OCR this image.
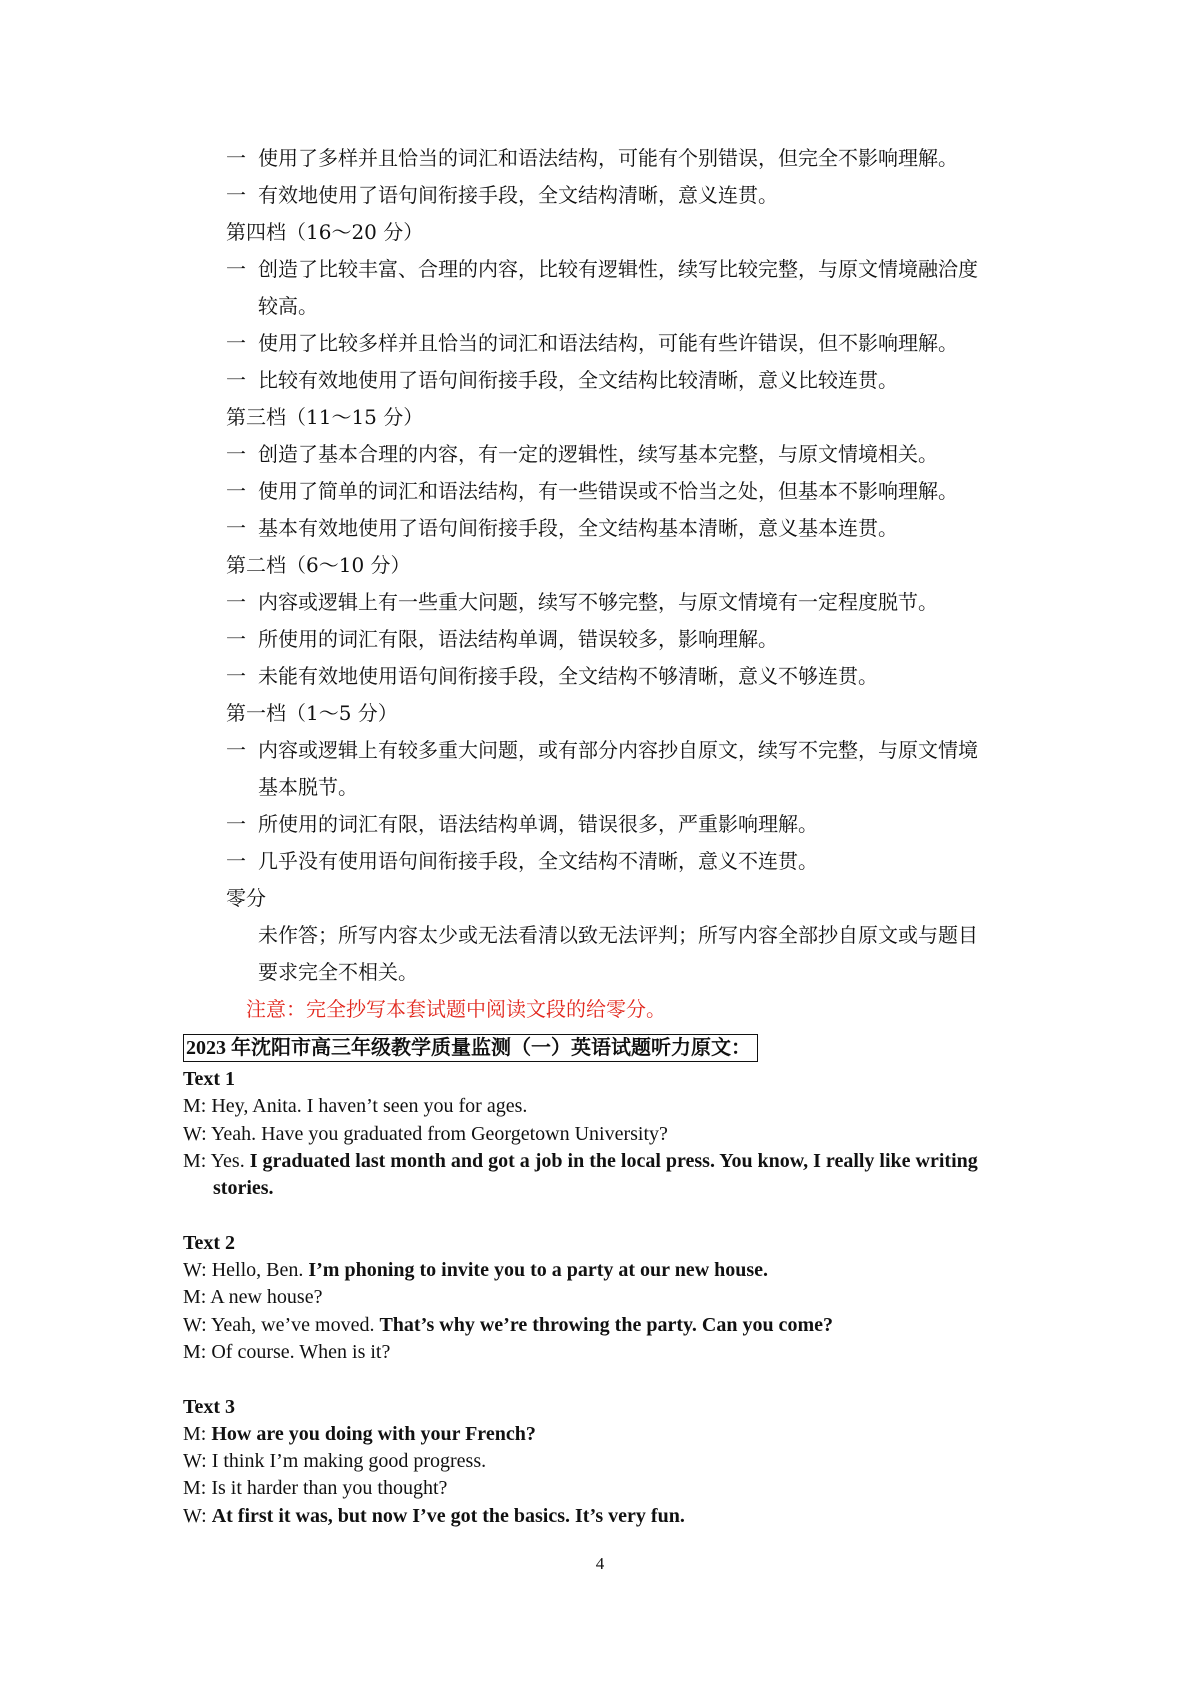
一 使用了多样并且恰当的词汇和语法结构，可能有个别错误，但完全不影响理解。
一 有效地使用了语句间衔接手段，全文结构清晰，意义连贯。
第四档（16～20 分）
一 创造了比较丰富、合理的内容，比较有逻辑性，续写比较完整，与原文情境融洽度
较高。
一 使用了比较多样并且恰当的词汇和语法结构，可能有些许错误，但不影响理解。
一 比较有效地使用了语句间衔接手段，全文结构比较清晰，意义比较连贯。
第三档（11～15 分）
一 创造了基本合理的内容，有一定的逻辑性，续写基本完整，与原文情境相关。
一 使用了简单的词汇和语法结构，有一些错误或不恰当之处，但基本不影响理解。
一 基本有效地使用了语句间衔接手段，全文结构基本清晰，意义基本连贯。
第二档（6～10 分）
一 内容或逻辑上有一些重大问题，续写不够完整，与原文情境有一定程度脱节。
一 所使用的词汇有限，语法结构单调，错误较多，影响理解。
一 未能有效地使用语句间衔接手段，全文结构不够清晰，意义不够连贯。
第一档（1～5 分）
一 内容或逻辑上有较多重大问题，或有部分内容抄自原文，续写不完整，与原文情境
基本脱节。
一 所使用的词汇有限，语法结构单调，错误很多，严重影响理解。
一 几乎没有使用语句间衔接手段，全文结构不清晰，意义不连贯。
零分
未作答；所写内容太少或无法看清以致无法评判；所写内容全部抄自原文或与题目
要求完全不相关。
注意：完全抄写本套试题中阅读文段的给零分。
2023 年沈阳市高三年级教学质量监测（一）英语试题听力原文：
Text 1
M: Hey, Anita. I haven’t seen you for ages.
W: Yeah. Have you graduated from Georgetown University?
M: Yes. I graduated last month and got a job in the local press. You know, I really like writing stories.
Text 2
W: Hello, Ben. I’m phoning to invite you to a party at our new house.
M: A new house?
W: Yeah, we’ve moved. That’s why we’re throwing the party. Can you come?
M: Of course. When is it?
Text 3
M: How are you doing with your French?
W: I think I’m making good progress.
M: Is it harder than you thought?
W: At first it was, but now I’ve got the basics. It’s very fun.
4
